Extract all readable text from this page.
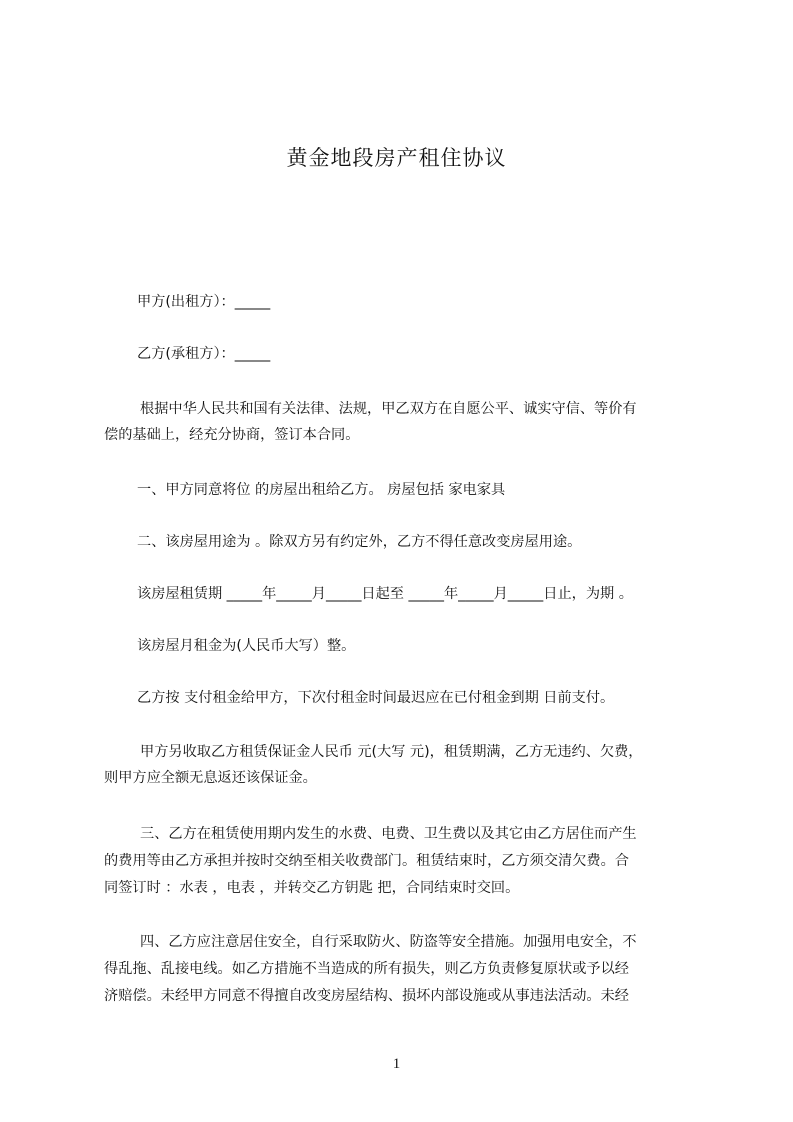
黄金地段房产租住协议
甲方(出租方）：_____
乙方(承租方）：_____
根据中华人民共和国有关法律、法规，甲乙双方在自愿公平、诚实守信、等价有
偿的基础上，经充分协商，签订本合同。
一、甲方同意将位 的房屋出租给乙方。 房屋包括 家电家具
二、该房屋用途为 。除双方另有约定外，乙方不得任意改变房屋用途。
该房屋租赁期 _____年_____月_____日起至 _____年_____月_____日止，为期 。
该房屋月租金为(人民币大写）整。
乙方按 支付租金给甲方，下次付租金时间最迟应在已付租金到期 日前支付。
甲方另收取乙方租赁保证金人民币 元(大写 元)，租赁期满，乙方无违约、欠费，
则甲方应全额无息返还该保证金。
三、乙方在租赁使用期内发生的水费、电费、卫生费以及其它由乙方居住而产生
的费用等由乙方承担并按时交纳至相关收费部门。租赁结束时，乙方须交清欠费。合
同签订时 ：水表 ，电表 ，并转交乙方钥匙 把，合同结束时交回。
四、乙方应注意居住安全，自行采取防火、防盗等安全措施。加强用电安全，不
得乱拖、乱接电线。如乙方措施不当造成的所有损失，则乙方负责修复原状或予以经
济赔偿。未经甲方同意不得擅自改变房屋结构、损坏内部设施或从事违法活动。未经
1
